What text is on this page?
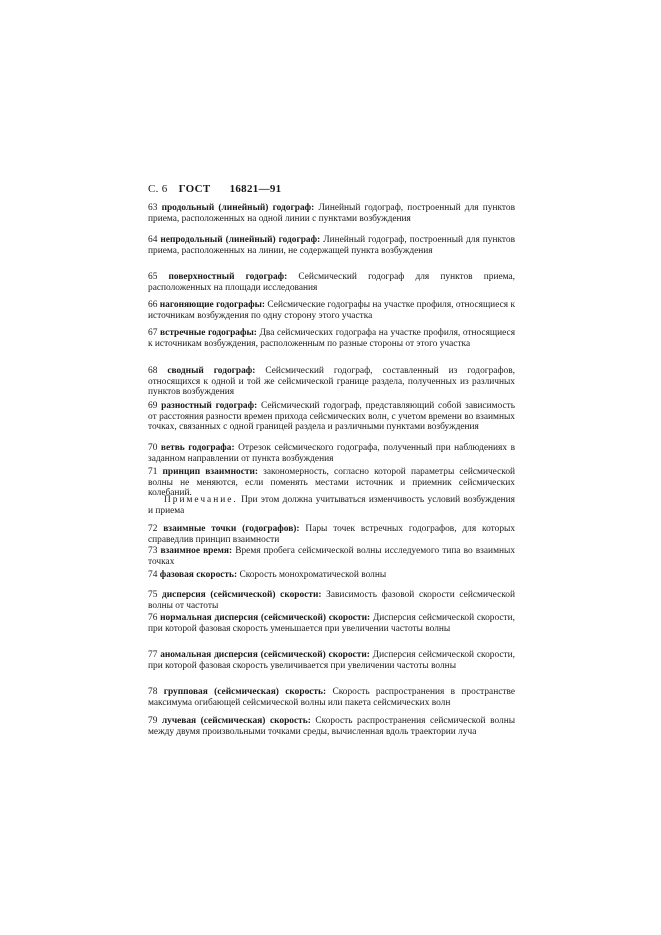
С. 6 ГОСТ 16821—91
63 продольный (линейный) годограф: Линейный годограф, построенный для пунктов приема, расположенных на одной линии с пунктами возбуждения
64 непродольный (линейный) годограф: Линейный годограф, построенный для пунктов приема, расположенных на линии, не содержащей пункта возбуждения
65 поверхностный годограф: Сейсмический годограф для пунктов приема, расположенных на площади исследования
66 нагоняющие годографы: Сейсмические годографы на участке профиля, относящиеся к источникам возбуждения по одну сторону этого участка
67 встречные годографы: Два сейсмических годографа на участке профиля, относящиеся к источникам возбуждения, расположенным по разные стороны от этого участка
68 сводный годограф: Сейсмический годограф, составленный из годографов, относящихся к одной и той же сейсмической границе раздела, полученных из различных пунктов возбуждения
69 разностный годограф: Сейсмический годограф, представляющий собой зависимость от расстояния разности времен прихода сейсмических волн, с учетом времени во взаимных точках, связанных с одной границей раздела и различными пунктами возбуждения
70 ветвь годографа: Отрезок сейсмического годографа, полученный при наблюдениях в заданном направлении от пункта возбуждения
71 принцип взаимности: закономерность, согласно которой параметры сейсмической волны не меняются, если поменять местами источник и приемник сейсмических колебаний.
72 взаимные точки (годографов): Пары точек встречных годографов, для которых справедлив принцип взаимности
73 взаимное время: Время пробега сейсмической волны исследуемого типа во взаимных точках
74 фазовая скорость: Скорость монохроматической волны
75 дисперсия (сейсмической) скорости: Зависимость фазовой скорости сейсмической волны от частоты
76 нормальная дисперсия (сейсмической) скорости: Дисперсия сейсмической скорости, при которой фазовая скорость уменьшается при увеличении частоты волны
77 аномальная дисперсия (сейсмической) скорости: Дисперсия сейсмической скорости, при которой фазовая скорость увеличивается при увеличении частоты волны
78 групповая (сейсмическая) скорость: Скорость распространения в пространстве максимума огибающей сейсмической волны или пакета сейсмических волн
79 лучевая (сейсмическая) скорость: Скорость распространения сейсмической волны между двумя произвольными точками среды, вычисленная вдоль траектории луча
Примечание. При этом должна учитываться изменчивость условий возбуждения и приема
